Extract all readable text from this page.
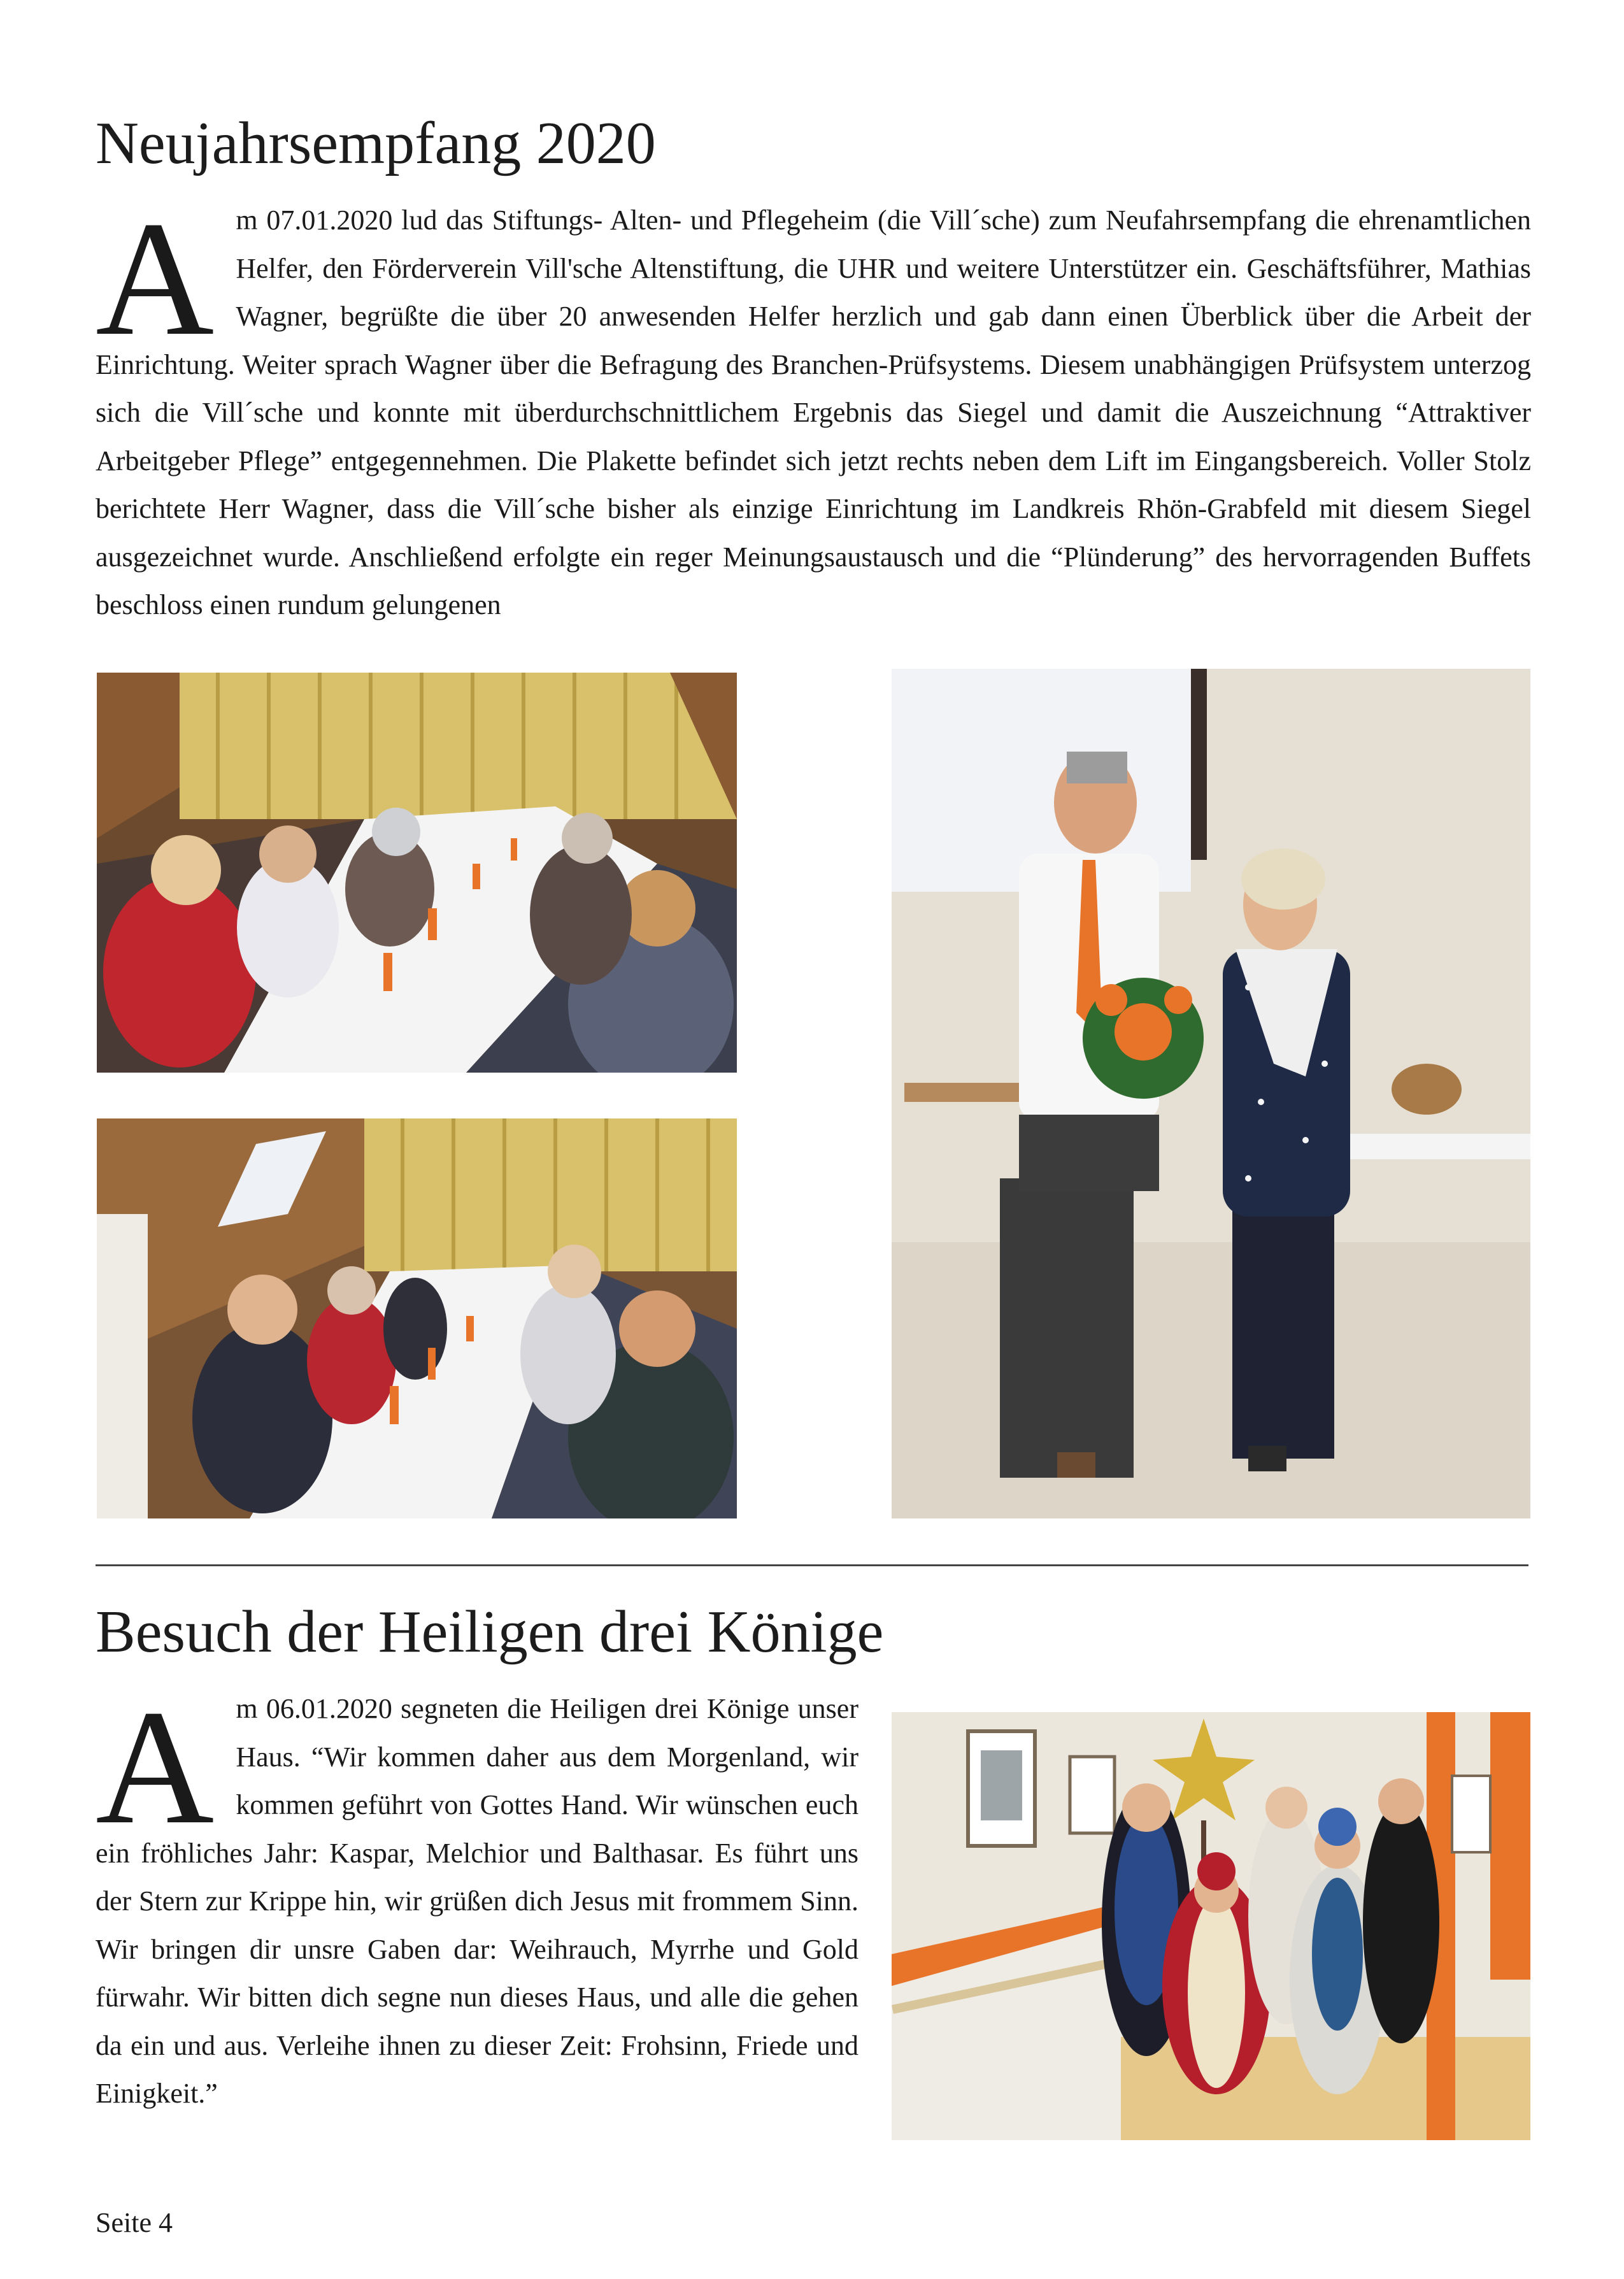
Neujahrsempfang 2020
Am 07.01.2020 lud das Stiftungs- Alten- und Pflegeheim (die Vill´sche) zum Neufahrsempfang die ehrenamtlichen Helfer, den Förderverein Vill'sche Altenstiftung, die UHR und weitere Unterstützer ein. Geschäftsführer, Mathias Wagner, begrüßte die über 20 anwesenden Helfer herzlich und gab dann einen Überblick über die Arbeit der Einrichtung. Weiter sprach Wagner über die Befragung des Branchen-Prüfsystems. Diesem unabhängigen Prüfsystem unterzog sich die Vill´sche und konnte mit überdurchschnittlichem Ergebnis das Siegel und damit die Auszeichnung “Attraktiver Arbeitgeber Pflege” entgegennehmen. Die Plakette befindet sich jetzt rechts neben dem Lift im Eingangsbereich. Voller Stolz berichtete Herr Wagner, dass die Vill´sche bisher als einzige Einrichtung im Landkreis Rhön-Grabfeld mit diesem Siegel ausgezeichnet wurde. Anschließend erfolgte ein reger Meinungsaustausch und die “Plünderung” des hervorragenden Buffets beschloss einen rundum gelungenen
Besuch der Heiligen drei Könige
Am 06.01.2020 segneten die Heiligen drei Könige unser Haus. “Wir kommen daher aus dem Morgenland, wir kommen geführt von Gottes Hand. Wir wünschen euch ein fröhliches Jahr: Kaspar, Melchior und Balthasar. Es führt uns der Stern zur Krippe hin, wir grüßen dich Jesus mit frommem Sinn. Wir bringen dir unsre Gaben dar: Weihrauch, Myrrhe und Gold fürwahr. Wir bitten dich segne nun dieses Haus, und alle die gehen da ein und aus. Verleihe ihnen zu dieser Zeit: Frohsinn, Friede und Einigkeit.”
Seite 4
